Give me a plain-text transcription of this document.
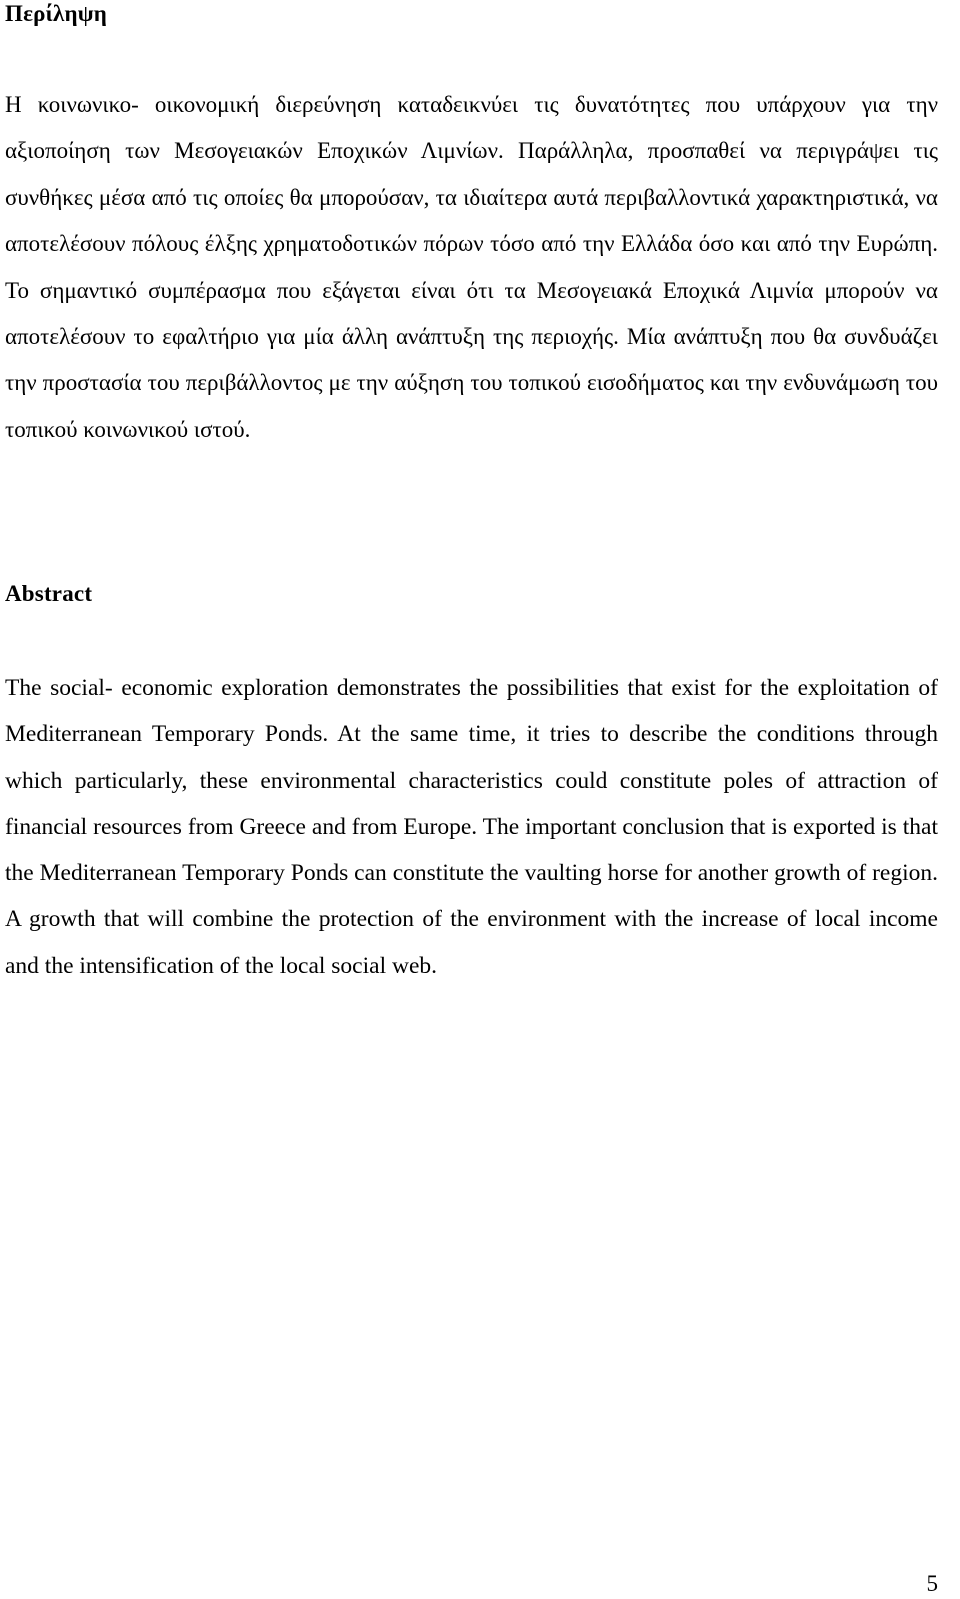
Περίληψη

Η κοινωνικο- οικονομική διερεύνηση καταδεικνύει τις δυνατότητες που υπάρχουν για την αξιοποίηση των Μεσογειακών Εποχικών Λιμνίων. Παράλληλα, προσπαθεί να περιγράψει τις συνθήκες μέσα από τις οποίες θα μπορούσαν, τα ιδιαίτερα αυτά περιβαλλοντικά χαρακτηριστικά, να αποτελέσουν πόλους έλξης χρηματοδοτικών πόρων τόσο από την Ελλάδα όσο και από την Ευρώπη. Το σημαντικό συμπέρασμα που εξάγεται είναι ότι τα Μεσογειακά Εποχικά Λιμνία μπορούν να αποτελέσουν το εφαλτήριο για μία άλλη ανάπτυξη της περιοχής. Μία ανάπτυξη που θα συνδυάζει την προστασία του περιβάλλοντος με την αύξηση του τοπικού εισοδήματος και την ενδυνάμωση του τοπικού κοινωνικού ιστού.

Abstract

The social- economic exploration demonstrates the possibilities that exist for the exploitation of Mediterranean Temporary Ponds. At the same time, it tries to describe the conditions through which particularly, these environmental characteristics could constitute poles of attraction of financial resources from Greece and from Europe. The important conclusion that is exported is that the Mediterranean Temporary Ponds can constitute the vaulting horse for another growth of region. A growth that will combine the protection of the environment with the increase of local income and the intensification of the local social web.

5
